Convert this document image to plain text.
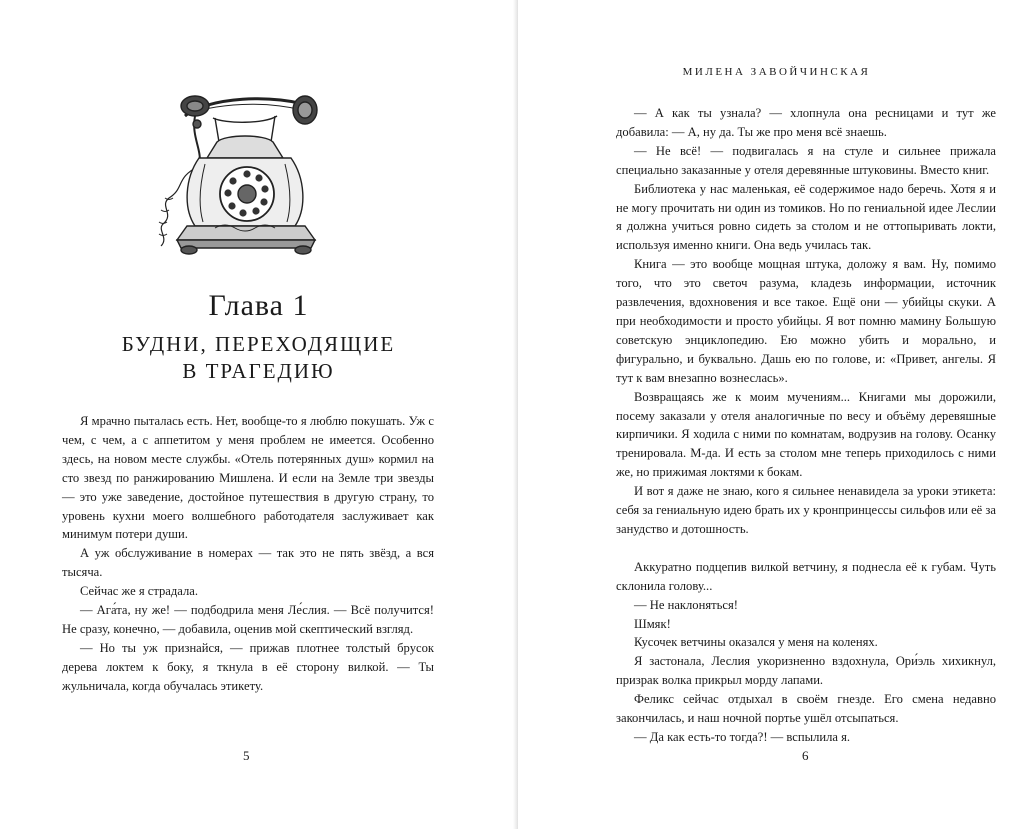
Глава 1
БУДНИ, ПЕРЕХОДЯЩИЕ
В ТРАГЕДИЮ

Я мрачно пыталась есть. Нет, вообще-то я люблю покушать. Уж с чем, с чем, а с аппетитом у меня проблем не имеется. Особенно здесь, на новом месте службы. «Отель потерянных душ» кормил на сто звезд по ранжированию Мишлена. И если на Земле три звезды — это уже заведение, достойное путешествия в другую страну, то уровень кухни моего волшебного работодателя заслуживает как минимум потери души.

А уж обслуживание в номерах — так это не пять звёзд, а вся тысяча.

Сейчас же я страдала.

— Ага́та, ну же! — подбодрила меня Ле́слия. — Всё получится! Не сразу, конечно, — добавила, оценив мой скептический взгляд.

— Но ты уж признайся, — прижав плотнее толстый брусок дерева локтем к боку, я ткнула в её сторону вилкой. — Ты жульничала, когда обучалась этикету.

5
МИЛЕНА ЗАВОЙЧИНСКАЯ

— А как ты узнала? — хлопнула она ресницами и тут же добавила: — А, ну да. Ты же про меня всё знаешь.

— Не всё! — подвигалась я на стуле и сильнее прижала специально заказанные у отеля деревянные штуковины. Вместо книг.

Библиотека у нас маленькая, её содержимое надо беречь. Хотя я и не могу прочитать ни один из томиков. Но по гениальной идее Леслии я должна учиться ровно сидеть за столом и не оттопыривать локти, используя именно книги. Она ведь училась так.

Книга — это вообще мощная штука, доложу я вам. Ну, помимо того, что это светоч разума, кладезь информации, источник развлечения, вдохновения и все такое. Ещё они — убийцы скуки. А при необходимости и просто убийцы. Я вот помню мамину Большую советскую энциклопедию. Ею можно убить и морально, и фигурально, и буквально. Дашь ею по голове, и: «Привет, ангелы. Я тут к вам внезапно вознеслась».

Возвращаясь же к моим мучениям... Книгами мы дорожили, посему заказали у отеля аналогичные по весу и объёму деревяшные кирпичики. Я ходила с ними по комнатам, водрузив на голову. Осанку тренировала. М-да. И есть за столом мне теперь приходилось с ними же, но прижимая локтями к бокам.

И вот я даже не знаю, кого я сильнее ненавидела за уроки этикета: себя за гениальную идею брать их у кронпринцессы сильфов или её за занудство и дотошность.

Аккуратно подцепив вилкой ветчину, я поднесла её к губам. Чуть склонила голову...

— Не наклоняться!

Шмяк!

Кусочек ветчины оказался у меня на коленях.

Я застонала, Леслия укоризненно вздохнула, Ори́эль хихикнул, призрак волка прикрыл морду лапами.

Феликс сейчас отдыхал в своём гнезде. Его смена недавно закончилась, и наш ночной портье ушёл отсыпаться.

— Да как есть-то тогда?! — вспылила я.

6
